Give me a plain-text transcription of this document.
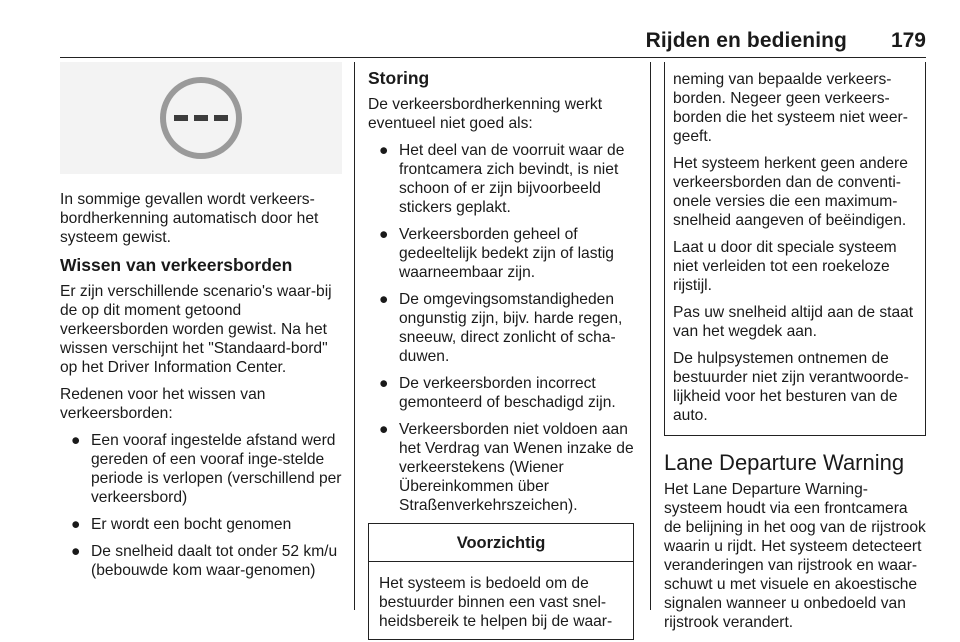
Rijden en bediening 179

In sommige gevallen wordt verkeers-bordherkenning automatisch door het systeem gewist.

Wissen van verkeersborden

Er zijn verschillende scenario's waar-bij de op dit moment getoond verkeersborden worden gewist. Na het wissen verschijnt het "Standaard-bord" op het Driver Information Center.

Redenen voor het wissen van verkeersborden:

● Een vooraf ingestelde afstand werd gereden of een vooraf inge-stelde periode is verlopen (verschillend per verkeersbord)
● Er wordt een bocht genomen
● De snelheid daalt tot onder 52 km/u (bebouwde kom waar-genomen)
Storing

De verkeersbordherkenning werkt eventueel niet goed als:

● Het deel van de voorruit waar de frontcamera zich bevindt, is niet schoon of er zijn bijvoorbeeld stickers geplakt.
● Verkeersborden geheel of gedeeltelijk bedekt zijn of lastig waarneembaar zijn.
● De omgevingsomstandigheden ongunstig zijn, bijv. harde regen, sneeuw, direct zonlicht of scha-duwen.
● De verkeersborden incorrect gemonteerd of beschadigd zijn.
● Verkeersborden niet voldoen aan het Verdrag van Wenen inzake de verkeerstekens (Wiener Übereinkommen über Straßenverkehrszeichen).
Voorzichtig

Het systeem is bedoeld om de bestuurder binnen een vast snel-heidsbereik te helpen bij de waar-

neming van bepaalde verkeers-borden. Negeer geen verkeers-borden die het systeem niet weer-geeft.

Het systeem herkent geen andere verkeersborden dan de conventi-onele versies die een maximum-snelheid aangeven of beëindigen.

Laat u door dit speciale systeem niet verleiden tot een roekeloze rijstijl.

Pas uw snelheid altijd aan de staat van het wegdek aan.

De hulpsystemen ontnemen de bestuurder niet zijn verantwoorde-lijkheid voor het besturen van de auto.

Lane Departure Warning

Het Lane Departure Warning-systeem houdt via een frontcamera de belijning in het oog van de rijstrook waarin u rijdt. Het systeem detecteert veranderingen van rijstrook en waar-schuwt u met visuele en akoestische signalen wanneer u onbedoeld van rijstrook verandert.
